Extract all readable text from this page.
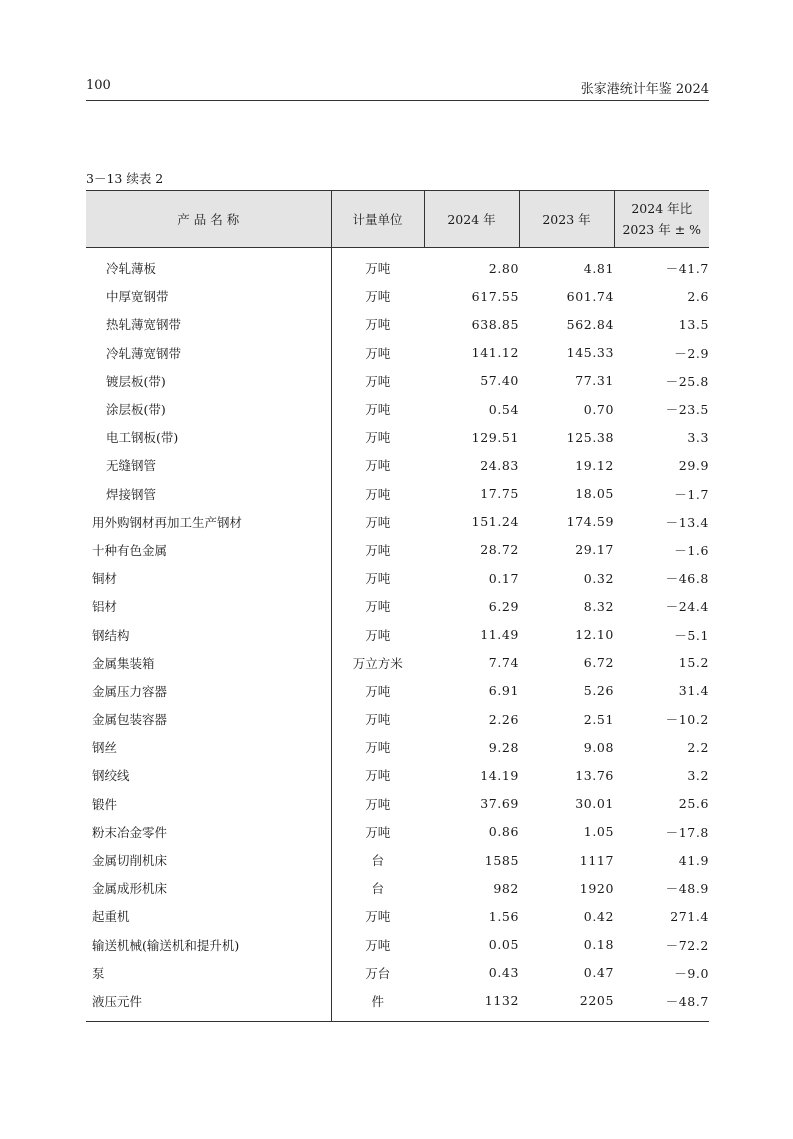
100	张家港统计年鉴 2024
3－13 续表 2
产 品 名 称	计量单位	2024 年	2023 年	2024 年比
2023 年 ± %

冷轧薄板	万吨	2.80	4.81	－41.7
中厚宽钢带	万吨	617.55	601.74	2.6
热轧薄宽钢带	万吨	638.85	562.84	13.5
冷轧薄宽钢带	万吨	141.12	145.33	－2.9
镀层板(带)	万吨	57.40	77.31	－25.8
涂层板(带)	万吨	0.54	0.70	－23.5
电工钢板(带)	万吨	129.51	125.38	3.3
无缝钢管	万吨	24.83	19.12	29.9
焊接钢管	万吨	17.75	18.05	－1.7
用外购钢材再加工生产钢材	万吨	151.24	174.59	－13.4
十种有色金属	万吨	28.72	29.17	－1.6
铜材	万吨	0.17	0.32	－46.8
铝材	万吨	6.29	8.32	－24.4
钢结构	万吨	11.49	12.10	－5.1
金属集装箱	万立方米	7.74	6.72	15.2
金属压力容器	万吨	6.91	5.26	31.4
金属包装容器	万吨	2.26	2.51	－10.2
钢丝	万吨	9.28	9.08	2.2
钢绞线	万吨	14.19	13.76	3.2
锻件	万吨	37.69	30.01	25.6
粉末冶金零件	万吨	0.86	1.05	－17.8
金属切削机床	台	1585	1117	41.9
金属成形机床	台	982	1920	－48.9
起重机	万吨	1.56	0.42	271.4
输送机械(输送机和提升机)	万吨	0.05	0.18	－72.2
泵	万台	0.43	0.47	－9.0
液压元件	件	1132	2205	－48.7
